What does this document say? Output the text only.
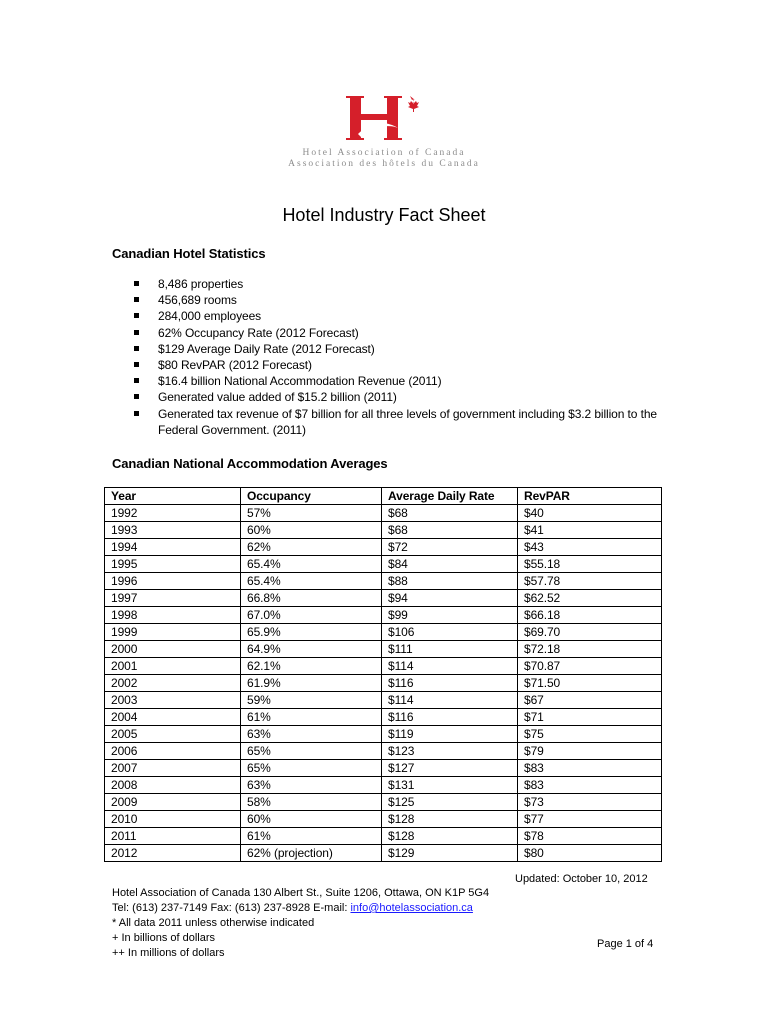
Hotel Association of Canada
Association des hôtels du Canada
Hotel Industry Fact Sheet
Canadian Hotel Statistics
8,486 properties
456,689 rooms
284,000 employees
62% Occupancy Rate (2012 Forecast)
$129 Average Daily Rate (2012 Forecast)
$80 RevPAR (2012 Forecast)
$16.4 billion National Accommodation Revenue (2011)
Generated value added of $15.2 billion (2011)
Generated tax revenue of $7 billion for all three levels of government including $3.2 billion to the Federal Government. (2011)
Canadian National Accommodation Averages
Year	Occupancy	Average Daily Rate	RevPAR
1992	57%	$68	$40
1993	60%	$68	$41
1994	62%	$72	$43
1995	65.4%	$84	$55.18
1996	65.4%	$88	$57.78
1997	66.8%	$94	$62.52
1998	67.0%	$99	$66.18
1999	65.9%	$106	$69.70
2000	64.9%	$111	$72.18
2001	62.1%	$114	$70.87
2002	61.9%	$116	$71.50
2003	59%	$114	$67
2004	61%	$116	$71
2005	63%	$119	$75
2006	65%	$123	$79
2007	65%	$127	$83
2008	63%	$131	$83
2009	58%	$125	$73
2010	60%	$128	$77
2011	61%	$128	$78
2012	62% (projection)	$129	$80
Updated: October 10, 2012
Hotel Association of Canada 130 Albert St., Suite 1206, Ottawa, ON K1P 5G4
Tel: (613) 237-7149 Fax: (613) 237-8928 E-mail: info@hotelassociation.ca
* All data 2011 unless otherwise indicated
+ In billions of dollars
++ In millions of dollars
Page 1 of 4
